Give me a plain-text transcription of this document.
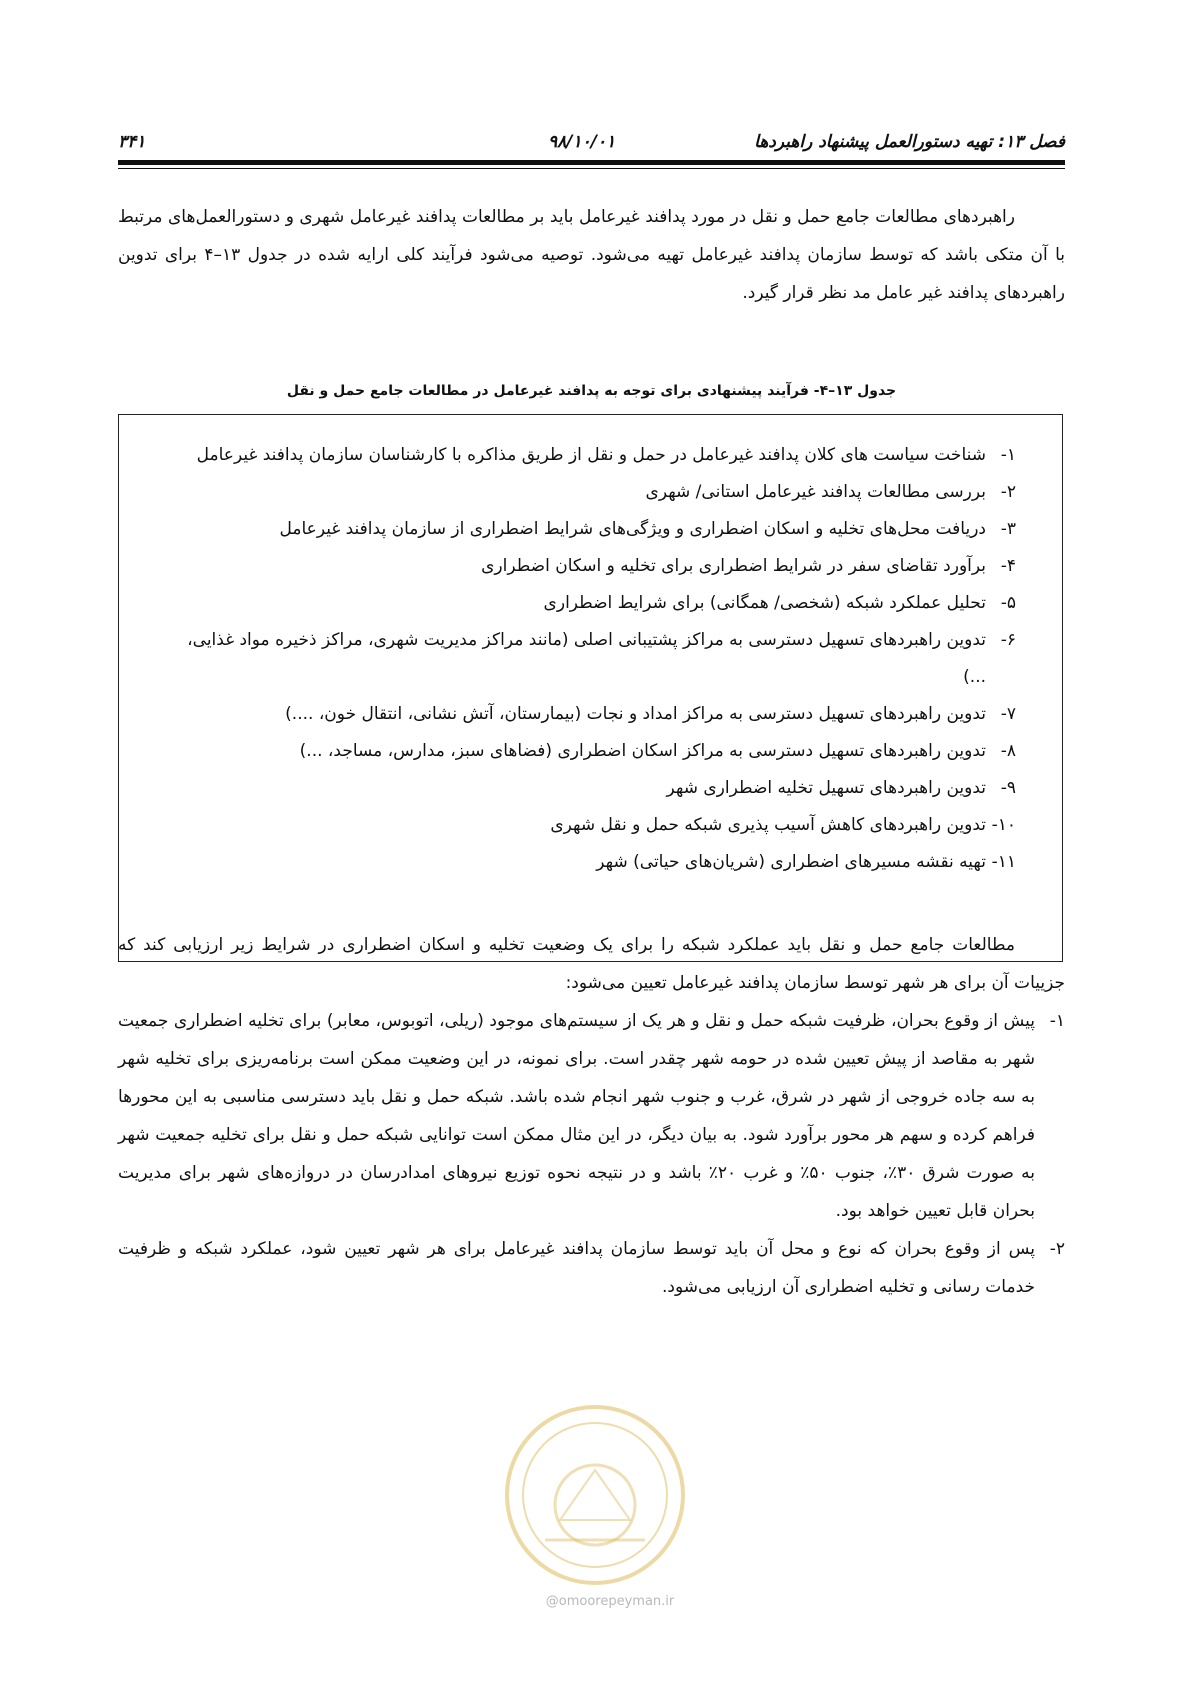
فصل ۱۳: تهیه دستورالعمل پیشنهاد راهبردها
۹۸/۱۰/۰۱
۳۴۱
راهبردهای مطالعات جامع حمل و نقل در مورد پدافند غیرعامل باید بر مطالعات پدافند غیرعامل شهری و دستورالعمل‌های مرتبط با آن متکی باشد که توسط سازمان پدافند غیرعامل تهیه می‌شود. توصیه می‌شود فرآیند کلی ارایه شده در جدول ۱۳–۴ برای تدوین راهبردهای پدافند غیر عامل مد نظر قرار گیرد.
جدول ۱۳–۴- فرآیند پیشنهادی برای توجه به پدافند غیرعامل در مطالعات جامع حمل و نقل
۱-
شناخت سیاست های کلان پدافند غیرعامل در حمل و نقل از طریق مذاکره با کارشناسان سازمان پدافند غیرعامل
۲-
بررسی مطالعات پدافند غیرعامل استانی/ شهری
۳-
دریافت محل‌های تخلیه و اسکان اضطراری و ویژگی‌های شرایط اضطراری از سازمان پدافند غیرعامل
۴-
برآورد تقاضای سفر در شرایط اضطراری برای تخلیه و اسکان اضطراری
۵-
تحلیل عملکرد شبکه (شخصی/ همگانی) برای شرایط اضطراری
۶-
تدوین راهبردهای تسهیل دسترسی به مراکز پشتیبانی اصلی (مانند مراکز مدیریت شهری، مراکز ذخیره مواد غذایی، ...)
۷-
تدوین راهبردهای تسهیل دسترسی به مراکز امداد و نجات (بیمارستان، آتش نشانی، انتقال خون، ....)
۸-
تدوین راهبردهای تسهیل دسترسی به مراکز اسکان اضطراری (فضاهای سبز، مدارس، مساجد، ...)
۹-
تدوین راهبردهای تسهیل تخلیه اضطراری شهر
۱۰-
تدوین راهبردهای کاهش آسیب پذیری شبکه حمل و نقل شهری
۱۱-
تهیه نقشه مسیرهای اضطراری (شریان‌های حیاتی) شهر
مطالعات جامع حمل و نقل باید عملکرد شبکه را برای یک وضعیت تخلیه و اسکان اضطراری در شرایط زیر ارزیابی کند که جزییات آن برای هر شهر توسط سازمان پدافند غیرعامل تعیین می‌شود:
۱-
پیش از وقوع بحران، ظرفیت شبکه حمل و نقل و هر یک از سیستم‌های موجود (ریلی، اتوبوس، معابر) برای تخلیه اضطراری جمعیت شهر به مقاصد از پیش تعیین شده در حومه شهر چقدر است. برای نمونه، در این وضعیت ممکن است برنامه‌ریزی برای تخلیه شهر به سه جاده خروجی از شهر در شرق، غرب و جنوب شهر انجام شده باشد. شبکه حمل و نقل باید دسترسی مناسبی به این محورها فراهم کرده و سهم هر محور برآورد شود. به بیان دیگر، در این مثال ممکن است توانایی شبکه حمل و نقل برای تخلیه جمعیت شهر به صورت شرق ۳۰٪، جنوب ۵۰٪ و غرب ۲۰٪ باشد و در نتیجه نحوه توزیع نیروهای امدادرسان در دروازه‌های شهر برای مدیریت بحران قابل تعیین خواهد بود.
۲-
پس از وقوع بحران که نوع و محل آن باید توسط سازمان پدافند غیرعامل برای هر شهر تعیین شود، عملکرد شبکه و ظرفیت خدمات رسانی و تخلیه اضطراری آن ارزیابی می‌شود.
@omoorepeyman.ir
